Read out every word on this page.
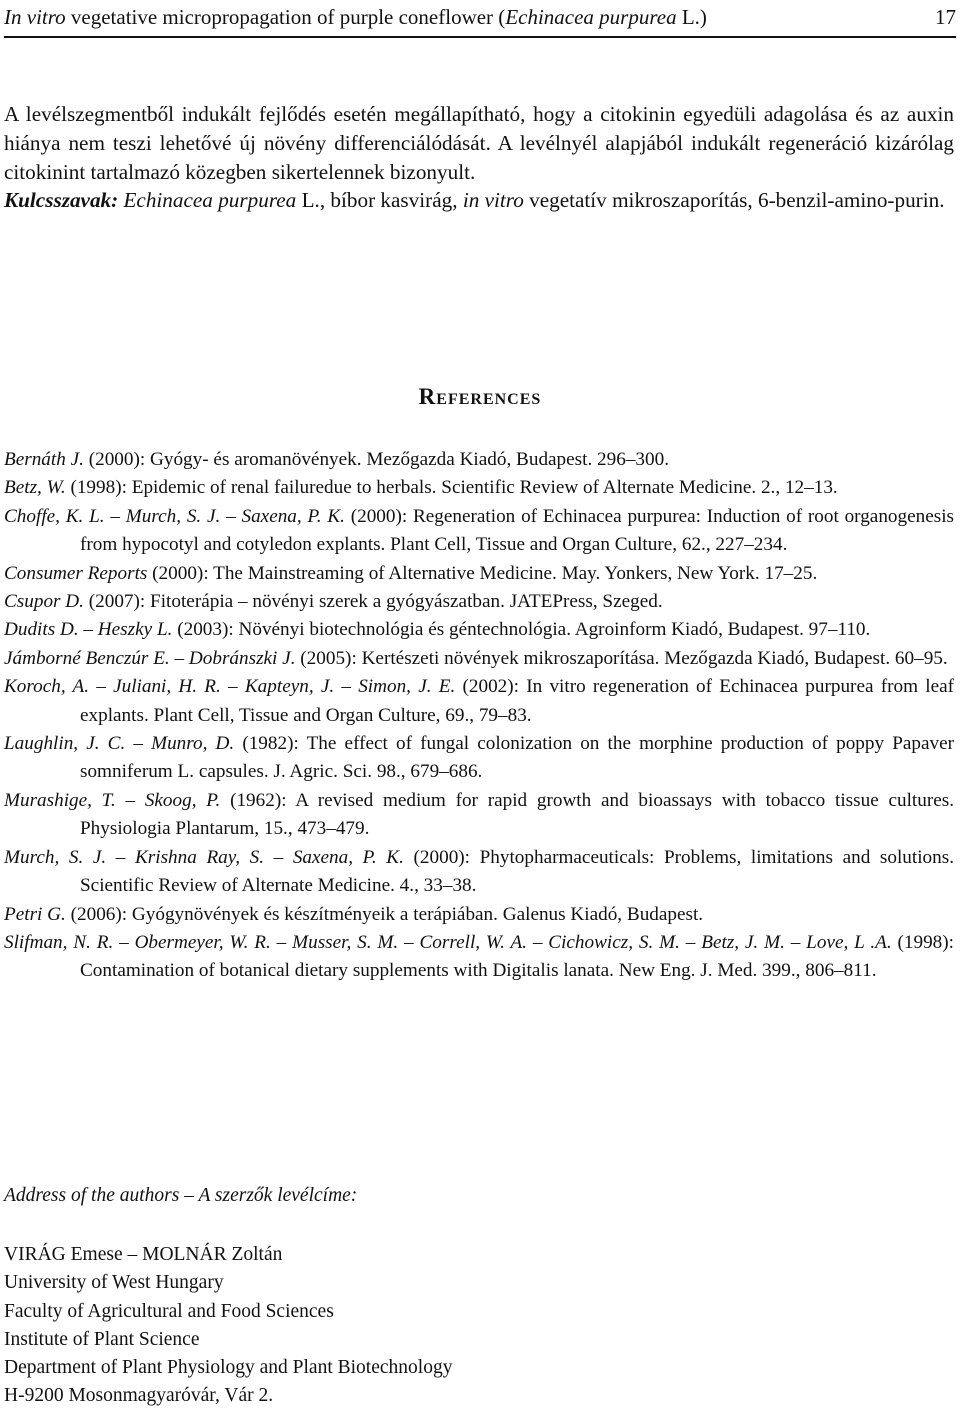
In vitro vegetative micropropagation of purple coneflower (Echinacea purpurea L.)	17

A levélszegmentből indukált fejlődés esetén megállapítható, hogy a citokinin egyedüli adagolása és az auxin hiánya nem teszi lehetővé új növény differenciálódását. A levélnyél alapjából indukált regeneráció kizárólag citokinint tartalmazó közegben sikertelennek bizonyult.

Kulcsszavak: Echinacea purpurea L., bíbor kasvirág, in vitro vegetatív mikroszaporítás, 6-benzil-amino-purin.

References

Bernáth J. (2000): Gyógy- és aromanövények. Mezőgazda Kiadó, Budapest. 296–300.

Betz, W. (1998): Epidemic of renal failuredue to herbals. Scientific Review of Alternate Medicine. 2., 12–13.

Choffe, K. L. – Murch, S. J. – Saxena, P. K. (2000): Regeneration of Echinacea purpurea: Induction of root organogenesis from hypocotyl and cotyledon explants. Plant Cell, Tissue and Organ Culture, 62., 227–234.

Consumer Reports (2000): The Mainstreaming of Alternative Medicine. May. Yonkers, New York. 17–25.

Csupor D. (2007): Fitoterápia – növényi szerek a gyógyászatban. JATEPress, Szeged.

Dudits D. – Heszky L. (2003): Növényi biotechnológia és géntechnológia. Agroinform Kiadó, Budapest. 97–110.

Jámborné Benczúr E. – Dobránszki J. (2005): Kertészeti növények mikroszaporítása. Mezőgazda Kiadó, Budapest. 60–95.

Koroch, A. – Juliani, H. R. – Kapteyn, J. – Simon, J. E. (2002): In vitro regeneration of Echinacea purpurea from leaf explants. Plant Cell, Tissue and Organ Culture, 69., 79–83.

Laughlin, J. C. – Munro, D. (1982): The effect of fungal colonization on the morphine production of poppy Papaver somniferum L. capsules. J. Agric. Sci. 98., 679–686.

Murashige, T. – Skoog, P. (1962): A revised medium for rapid growth and bioassays with tobacco tissue cultures. Physiologia Plantarum, 15., 473–479.

Murch, S. J. – Krishna Ray, S. – Saxena, P. K. (2000): Phytopharmaceuticals: Problems, limitations and solutions. Scientific Review of Alternate Medicine. 4., 33–38.

Petri G. (2006): Gyógynövények és készítményeik a terápiában. Galenus Kiadó, Budapest.

Slifman, N. R. – Obermeyer, W. R. – Musser, S. M. – Correll, W. A. – Cichowicz, S. M. – Betz, J. M. – Love, L .A. (1998): Contamination of botanical dietary supplements with Digitalis lanata. New Eng. J. Med. 399., 806–811.

Address of the authors – A szerzők levélcíme:
VIRÁG Emese – MOLNÁR Zoltán
University of West Hungary
Faculty of Agricultural and Food Sciences
Institute of Plant Science
Department of Plant Physiology and Plant Biotechnology
H-9200 Mosonmagyaróvár, Vár 2.
